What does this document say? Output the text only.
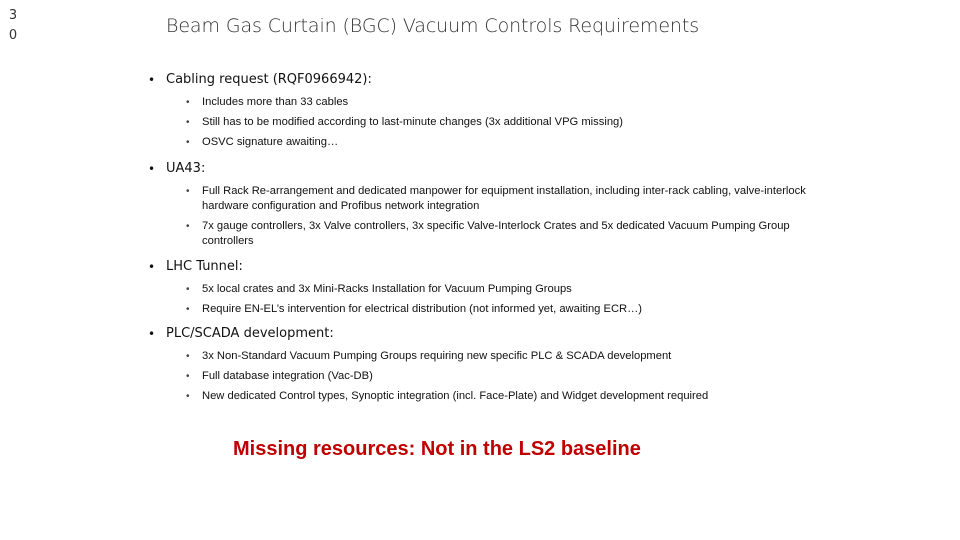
30	Beam Gas Curtain (BGC) Vacuum Controls Requirements
• Cabling request (RQF0966942):
• Includes more than 33 cables
• Still has to be modified according to last-minute changes (3x additional VPG missing)
• OSVC signature awaiting…
• UA43:
• Full Rack Re-arrangement and dedicated manpower for equipment installation, including inter-rack cabling, valve-interlock hardware configuration and Profibus network integration
• 7x gauge controllers, 3x Valve controllers, 3x specific Valve-Interlock Crates and 5x dedicated Vacuum Pumping Group controllers
• LHC Tunnel:
• 5x local crates and 3x Mini-Racks Installation for Vacuum Pumping Groups
• Require EN-EL’s intervention for electrical distribution (not informed yet, awaiting ECR…)
• PLC/SCADA development:
• 3x Non-Standard Vacuum Pumping Groups requiring new specific PLC & SCADA development
• Full database integration (Vac-DB)
• New dedicated Control types, Synoptic integration (incl. Face-Plate) and Widget development required
Missing resources: Not in the LS2 baseline
